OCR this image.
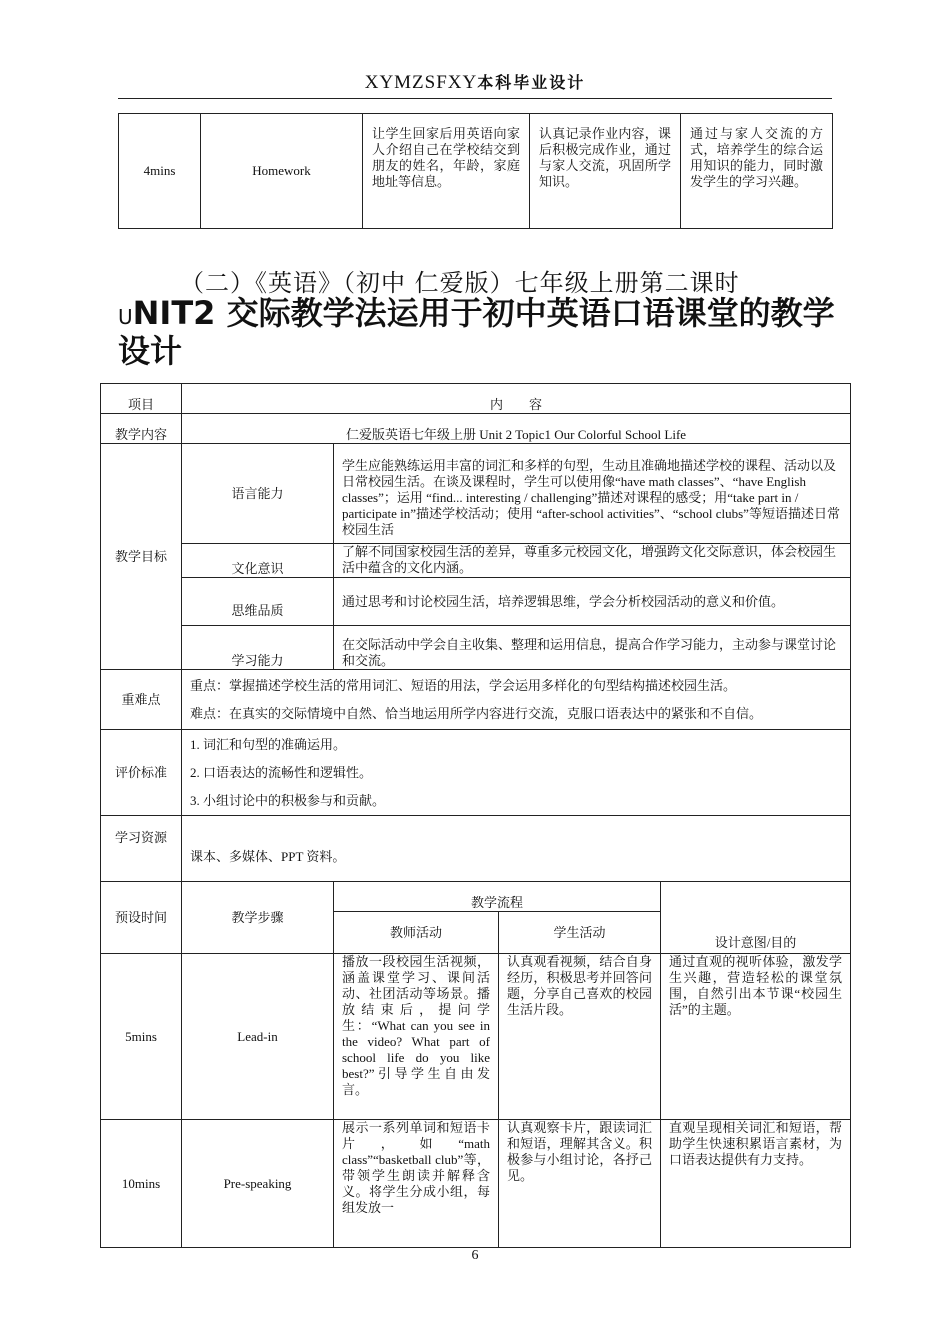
XYMZSFXY本科毕业设计
4mins	Homework	让学生回家后用英语向家人介绍自己在学校结交到朋友的姓名，年龄，家庭地址等信息。	认真记录作业内容，课后积极完成作业，通过与家人交流，巩固所学知识。	通过与家人交流的方式，培养学生的综合运用知识的能力，同时激发学生的学习兴趣。
（二）《英语》（初中 仁爱版）七年级上册第二课时
UNIT2 交际教学法运用于初中英语口语课堂的教学设计
项目	内　　容			
教学内容	仁爱版英语七年级上册 Unit 2 Topic1 Our Colorful School Life			
教学目标	语言能力	学生应能熟练运用丰富的词汇和多样的句型，生动且准确地描述学校的课程、活动以及日常校园生活。在谈及课程时，学生可以使用像“have math classes”、“have English classes”；运用 “find... interesting / challenging”描述对课程的感受；用“take part in / participate in”描述学校活动；使用 “after-school activities”、“school clubs”等短语描述日常校园生活		
	文化意识	了解不同国家校园生活的差异，尊重多元校园文化，增强跨文化交际意识，体会校园生活中蕴含的文化内涵。		
	思维品质	通过思考和讨论校园生活，培养逻辑思维，学会分析校园活动的意义和价值。		
	学习能力	在交际活动中学会自主收集、整理和运用信息，提高合作学习能力，主动参与课堂讨论和交流。		
重难点	重点：掌握描述学校生活的常用词汇、短语的用法，学会运用多样化的句型结构描述校园生活。

难点：在真实的交际情境中自然、恰当地运用所学内容进行交流，克服口语表达中的紧张和不自信。			

评价标准	1. 词汇和句型的准确运用。

2. 口语表达的流畅性和逻辑性。

3. 小组讨论中的积极参与和贡献。			

学习资源	课本、多媒体、PPT 资料。			
预设时间	教学步骤	教学流程		设计意图/目的
		教师活动	学生活动	
5mins	Lead-in	播放一段校园生活视频，涵盖课堂学习、课间活动、社团活动等场景。播放结束后，提问学生：“What can you see in the video? What part of school life do you like best?”引导学生自由发言。	认真观看视频，结合自身经历，积极思考并回答问题，分享自己喜欢的校园生活片段。	通过直观的视听体验，激发学生兴趣，营造轻松的课堂氛围，自然引出本节课“校园生活”的主题。
10mins	Pre-speaking	展示一系列单词和短语卡片，如“math class”“basketball club”等，带领学生朗读并解释含义。将学生分成小组，每组发放一	认真观察卡片，跟读词汇和短语，理解其含义。积极参与小组讨论，各抒己见。	直观呈现相关词汇和短语，帮助学生快速积累语言素材，为口语表达提供有力支持。
6
